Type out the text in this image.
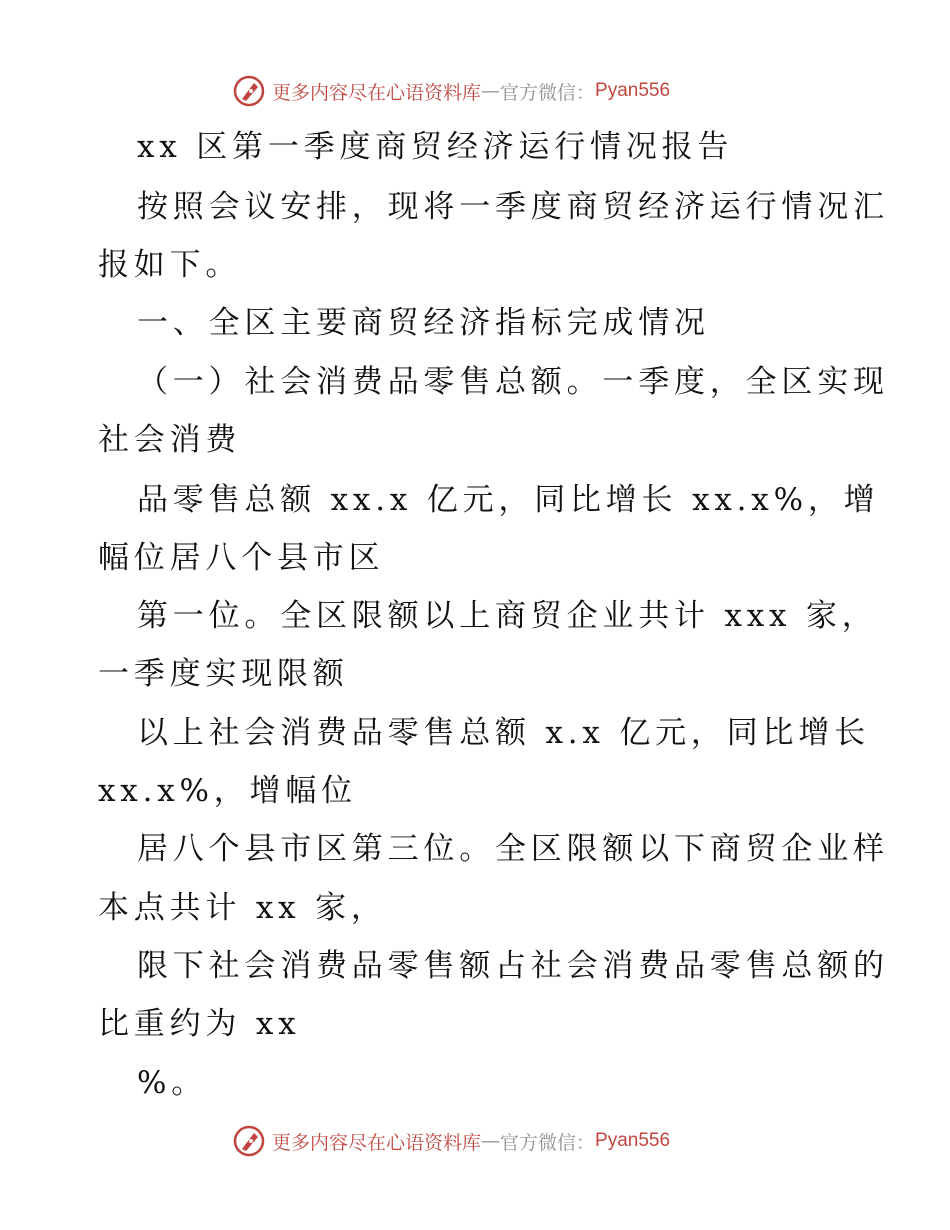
更多内容尽在心语资料库 — 官方微信： Pyan556
xx 区第一季度商贸经济运行情况报告
按照会议安排，现将一季度商贸经济运行情况汇
报如下。
一、全区主要商贸经济指标完成情况
（一）社会消费品零售总额。一季度，全区实现
社会消费
品零售总额 xx.x 亿元，同比增长 xx.x%，增
幅位居八个县市区
第一位。全区限额以上商贸企业共计 xxx 家，
一季度实现限额
以上社会消费品零售总额 x.x 亿元，同比增长
xx.x%，增幅位
居八个县市区第三位。全区限额以下商贸企业样
本点共计 xx 家，
限下社会消费品零售额占社会消费品零售总额的
比重约为 xx
%。
更多内容尽在心语资料库 — 官方微信： Pyan556
